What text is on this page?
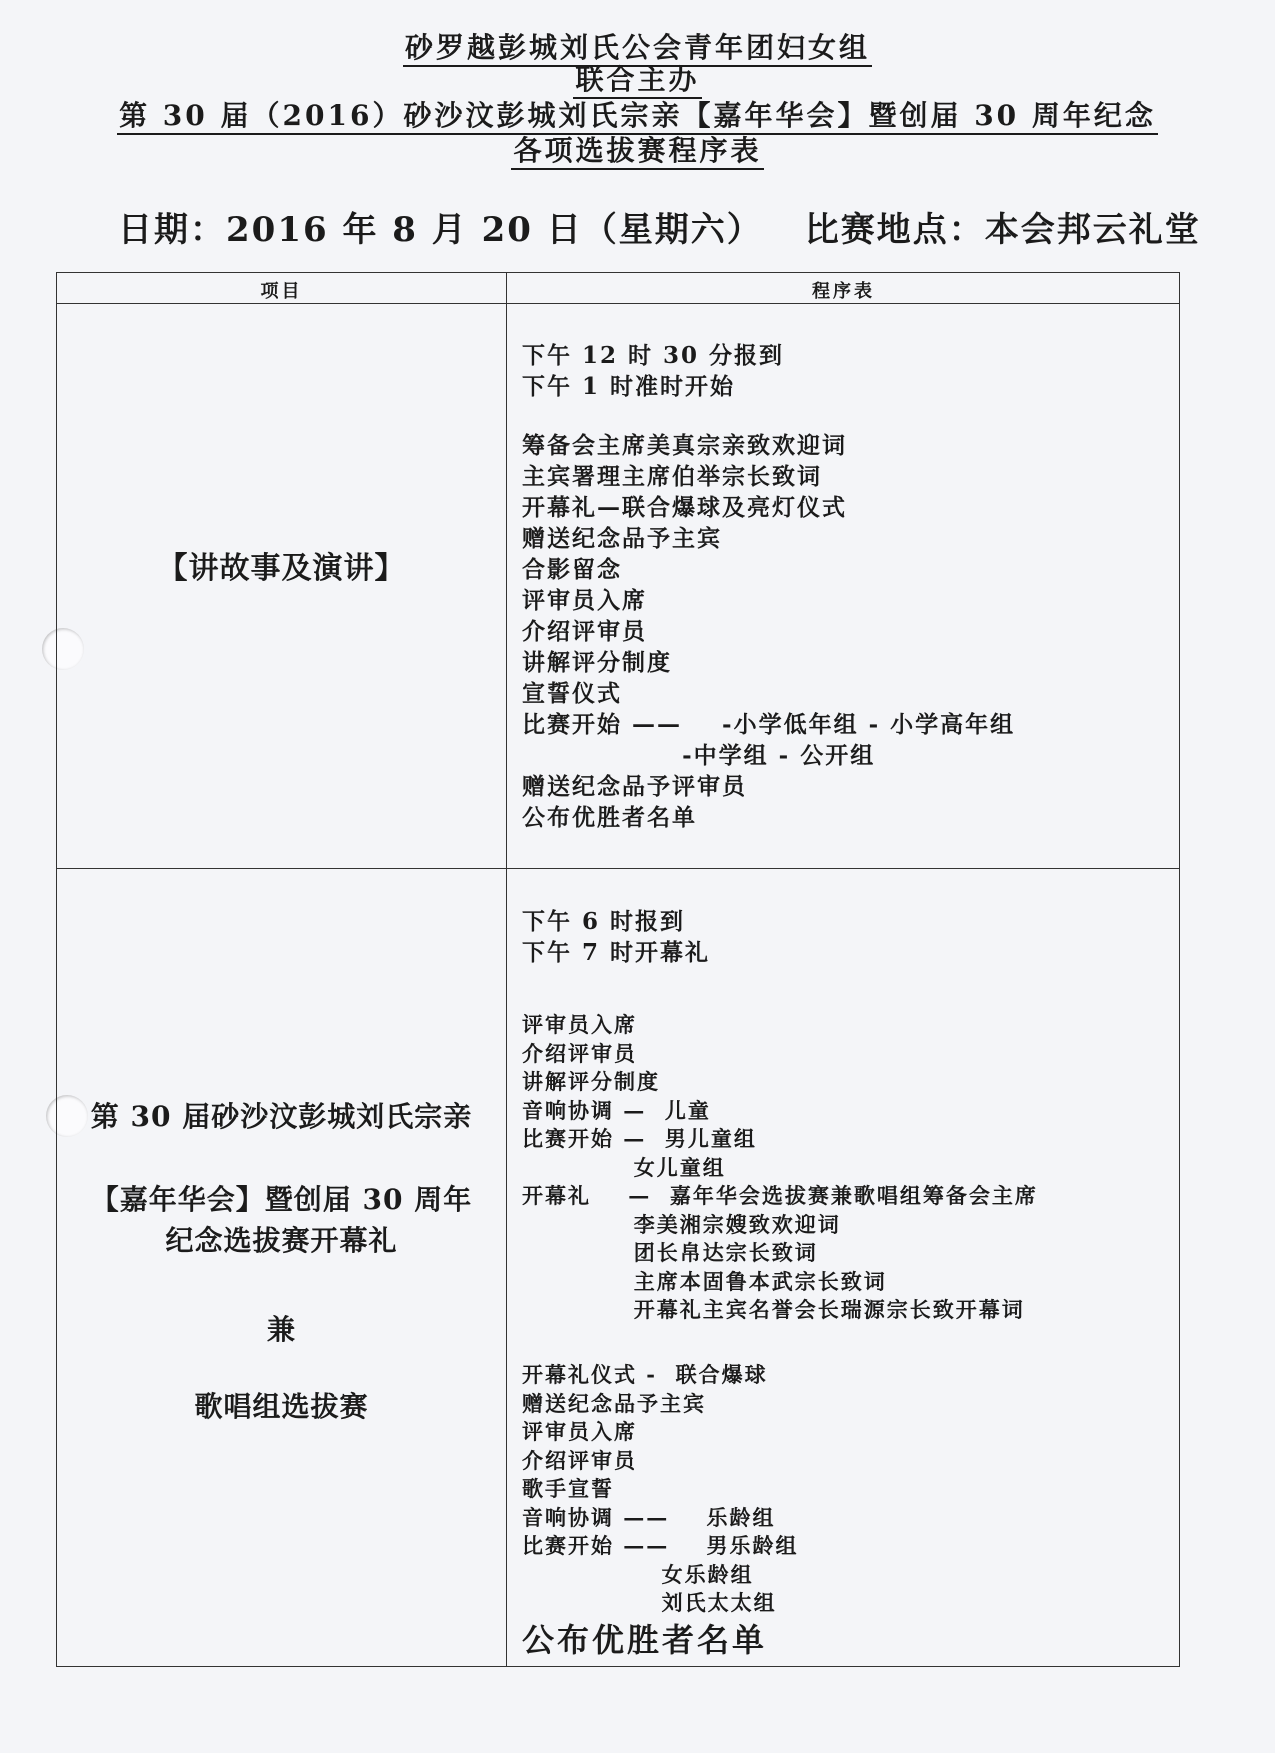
砂罗越彭城刘氏公会青年团妇女组
联合主办
第 30 届（2016）砂沙汶彭城刘氏宗亲【嘉年华会】暨创届 30 周年纪念
各项选拔赛程序表
日期：2016 年 8 月 20 日（星期六） 比赛地点：本会邦云礼堂
项目	程序表
【讲故事及演讲】
第 30 届砂沙汶彭城刘氏宗亲
【嘉年华会】暨创届 30 周年
纪念选拔赛开幕礼
兼
歌唱组选拔赛
下午 12 时 30 分报到
下午 1 时准时开始
筹备会主席美真宗亲致欢迎词
主宾署理主席伯举宗长致词
开幕礼—联合爆球及亮灯仪式
赠送纪念品予主宾
合影留念
评审员入席
介绍评审员
讲解评分制度
宣誓仪式
比赛开始 ——    -小学低年组 - 小学高年组
-中学组 - 公开组
赠送纪念品予评审员
公布优胜者名单
下午 6 时报到
下午 7 时开幕礼
评审员入席
介绍评审员
讲解评分制度
音响协调 —  儿童
比赛开始 —  男儿童组
女儿童组
开幕礼    —  嘉年华会选拔赛兼歌唱组筹备会主席
李美湘宗嫂致欢迎词
团长帛达宗长致词
主席本固鲁本武宗长致词
开幕礼主宾名誉会长瑞源宗长致开幕词
开幕礼仪式 -  联合爆球
赠送纪念品予主宾
评审员入席
介绍评审员
歌手宣誓
音响协调 ——    乐龄组
比赛开始 ——    男乐龄组
女乐龄组
刘氏太太组
公布优胜者名单
